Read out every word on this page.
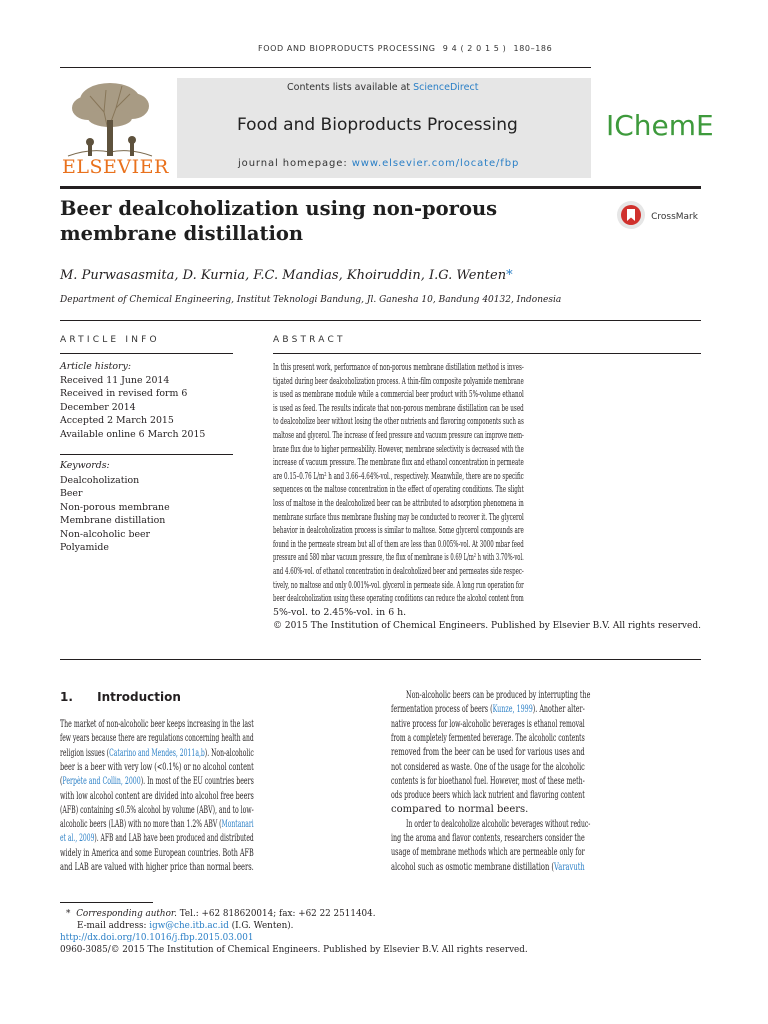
FOOD AND BIOPRODUCTS PROCESSING 9 4 ( 2 0 1 5 ) 180–186
ELSEVIER
Contents lists available at ScienceDirect
Food and Bioproducts Processing
journal homepage: www.elsevier.com/locate/fbp
IChemE
Beer dealcoholization using non-porous
membrane distillation
CrossMark
M. Purwasasmita, D. Kurnia, F.C. Mandias, Khoiruddin, I.G. Wenten*
Department of Chemical Engineering, Institut Teknologi Bandung, Jl. Ganesha 10, Bandung 40132, Indonesia
ARTICLE INFO
Article history:
Received 11 June 2014
Received in revised form 6
December 2014
Accepted 2 March 2015
Available online 6 March 2015
Keywords:
Dealcoholization
Beer
Non-porous membrane
Membrane distillation
Non-alcoholic beer
Polyamide
ABSTRACT
In this present work, performance of non-porous membrane distillation method is inves-
tigated during beer dealcoholization process. A thin-film composite polyamide membrane
is used as membrane module while a commercial beer product with 5%-volume ethanol
is used as feed. The results indicate that non-porous membrane distillation can be used
to dealcoholize beer without losing the other nutrients and flavoring components such as
maltose and glycerol. The increase of feed pressure and vacuum pressure can improve mem-
brane flux due to higher permeability. However, membrane selectivity is decreased with the
increase of vacuum pressure. The membrane flux and ethanol concentration in permeate
are 0.15–0.76 L/m² h and 3.66–4.64%-vol., respectively. Meanwhile, there are no specific
sequences on the maltose concentration in the effect of operating conditions. The slight
loss of maltose in the dealcoholized beer can be attributed to adsorption phenomena in
membrane surface thus membrane flushing may be conducted to recover it. The glycerol
behavior in dealcoholization process is similar to maltose. Some glycerol compounds are
found in the permeate stream but all of them are less than 0.005%-vol. At 3000 mbar feed
pressure and 580 mbar vacuum pressure, the flux of membrane is 0.69 L/m² h with 3.70%-vol.
and 4.60%-vol. of ethanol concentration in dealcoholized beer and permeates side respec-
tively, no maltose and only 0.001%-vol. glycerol in permeate side. A long run operation for
beer dealcoholization using these operating conditions can reduce the alcohol content from
5%-vol. to 2.45%-vol. in 6 h.
© 2015 The Institution of Chemical Engineers. Published by Elsevier B.V. All rights reserved.
1. Introduction
The market of non-alcoholic beer keeps increasing in the last
few years because there are regulations concerning health and
religion issues (Catarino and Mendes, 2011a,b). Non-alcoholic
beer is a beer with very low (<0.1%) or no alcohol content
(Perpète and Collin, 2000). In most of the EU countries beers
with low alcohol content are divided into alcohol free beers
(AFB) containing ≤0.5% alcohol by volume (ABV), and to low-
alcoholic beers (LAB) with no more than 1.2% ABV (Montanari
et al., 2009). AFB and LAB have been produced and distributed
widely in America and some European countries. Both AFB
and LAB are valued with higher price than normal beers.
Non-alcoholic beers can be produced by interrupting the
fermentation process of beers (Kunze, 1999). Another alter-
native process for low-alcoholic beverages is ethanol removal
from a completely fermented beverage. The alcoholic contents
removed from the beer can be used for various uses and
not considered as waste. One of the usage for the alcoholic
contents is for bioethanol fuel. However, most of these meth-
ods produce beers which lack nutrient and flavoring content
compared to normal beers.
In order to dealcoholize alcoholic beverages without reduc-
ing the aroma and flavor contents, researchers consider the
usage of membrane methods which are permeable only for
alcohol such as osmotic membrane distillation (Varavuth
* Corresponding author. Tel.: +62 818620014; fax: +62 22 2511404.
E-mail address: igw@che.itb.ac.id (I.G. Wenten).
http://dx.doi.org/10.1016/j.fbp.2015.03.001
0960-3085/© 2015 The Institution of Chemical Engineers. Published by Elsevier B.V. All rights reserved.
